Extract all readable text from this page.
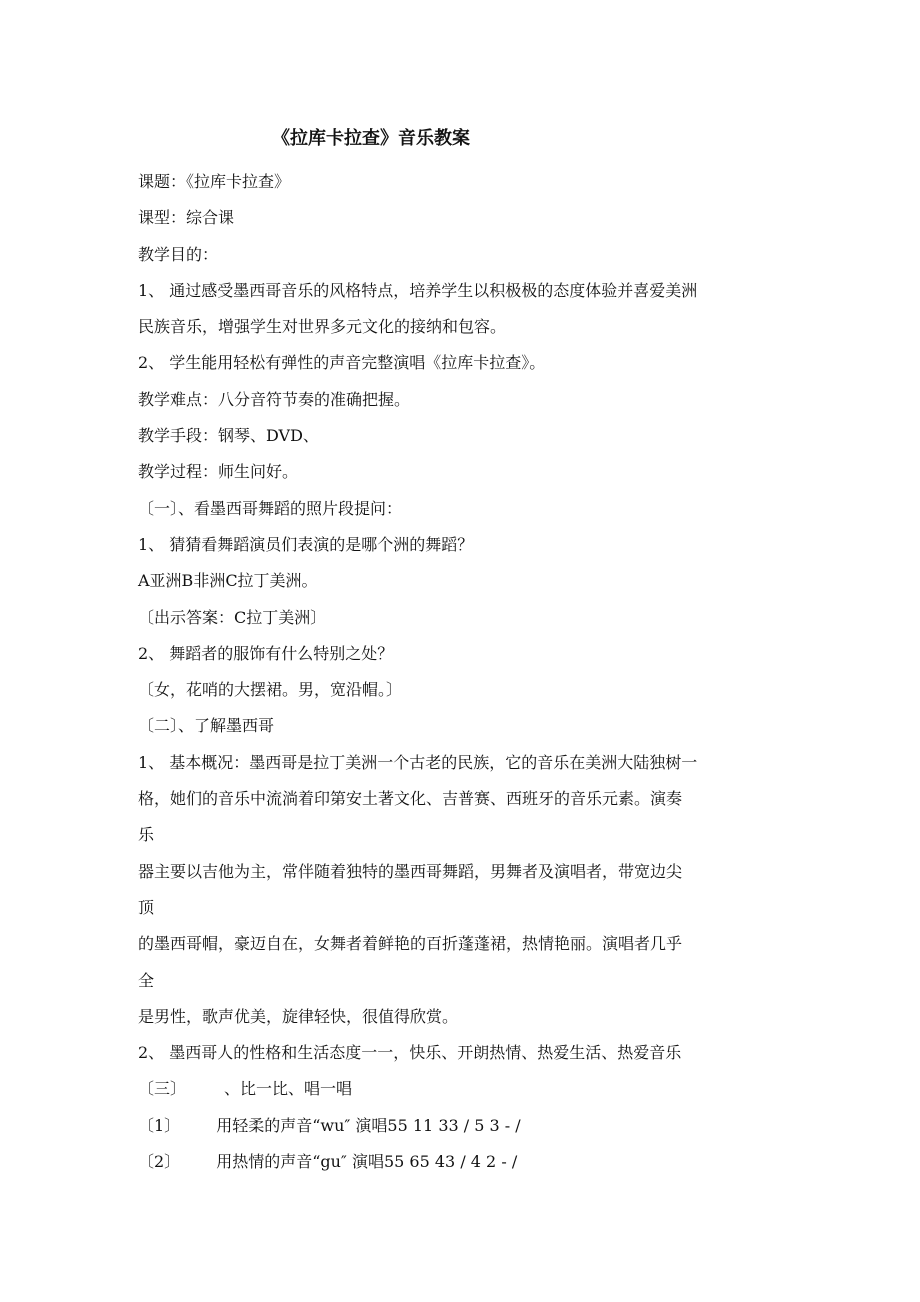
《拉库卡拉查》音乐教案
课题：《拉库卡拉查》
课型：综合课
教学目的：
1、 通过感受墨西哥音乐的风格特点，培养学生以积极极的态度体验并喜爱美洲
民族音乐，增强学生对世界多元文化的接纳和包容。
2、 学生能用轻松有弹性的声音完整演唱《拉库卡拉查》。
教学难点：八分音符节奏的准确把握。
教学手段：钢琴、DVD、
教学过程：师生问好。
〔一〕、看墨西哥舞蹈的照片段提问：
1、 猜猜看舞蹈演员们表演的是哪个洲的舞蹈？
A亚洲B非洲C拉丁美洲。
〔出示答案：C拉丁美洲〕
2、 舞蹈者的服饰有什么特别之处？
〔女，花哨的大摆裙。男，宽沿帽。〕
〔二〕、了解墨西哥
1、 基本概况：墨西哥是拉丁美洲一个古老的民族，它的音乐在美洲大陆独树一
格，她们的音乐中流淌着印第安土著文化、吉普赛、西班牙的音乐元素。演奏
乐
器主要以吉他为主，常伴随着独特的墨西哥舞蹈，男舞者及演唱者，带宽边尖
顶
的墨西哥帽，豪迈自在，女舞者着鲜艳的百折蓬蓬裙，热情艳丽。演唱者几乎
全
是男性，歌声优美，旋律轻快，很值得欣赏。
2、 墨西哥人的性格和生活态度一一，快乐、开朗热情、热爱生活、热爱音乐
〔三〕 、比一比、唱一唱
〔1〕 用轻柔的声音“wu″ 演唱55 11 33 / 5 3 - /
〔2〕 用热情的声音“gu″ 演唱55 65 43 / 4 2 - /
